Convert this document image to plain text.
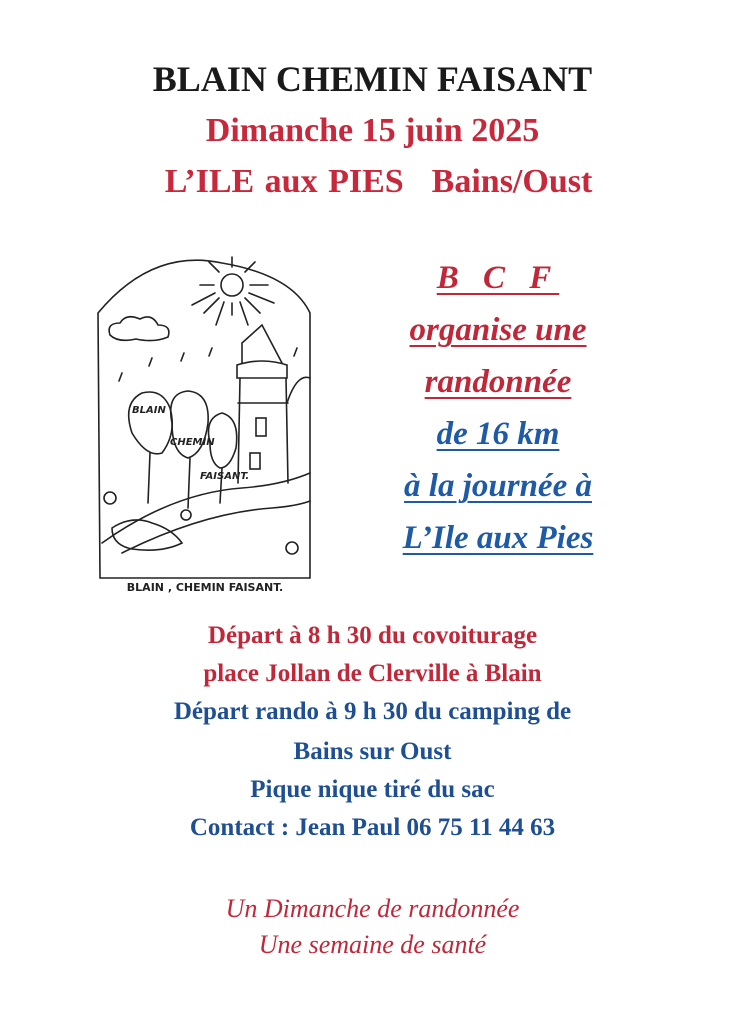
BLAIN CHEMIN FAISANT
Dimanche 15 juin 2025
L’ILE aux PIES Bains/Oust
BLAIN
CHEMIN
FAISANT.
BLAIN , CHEMIN FAISANT.
B C F
organise une
randonnée
de 16 km
à la journée à
L’Ile aux Pies
Départ à 8 h 30 du covoiturage
place Jollan de Clerville à Blain
Départ rando à 9 h 30 du camping de
Bains sur Oust
Pique nique tiré du sac
Contact : Jean Paul 06 75 11 44 63
Un Dimanche de randonnée
Une semaine de santé
